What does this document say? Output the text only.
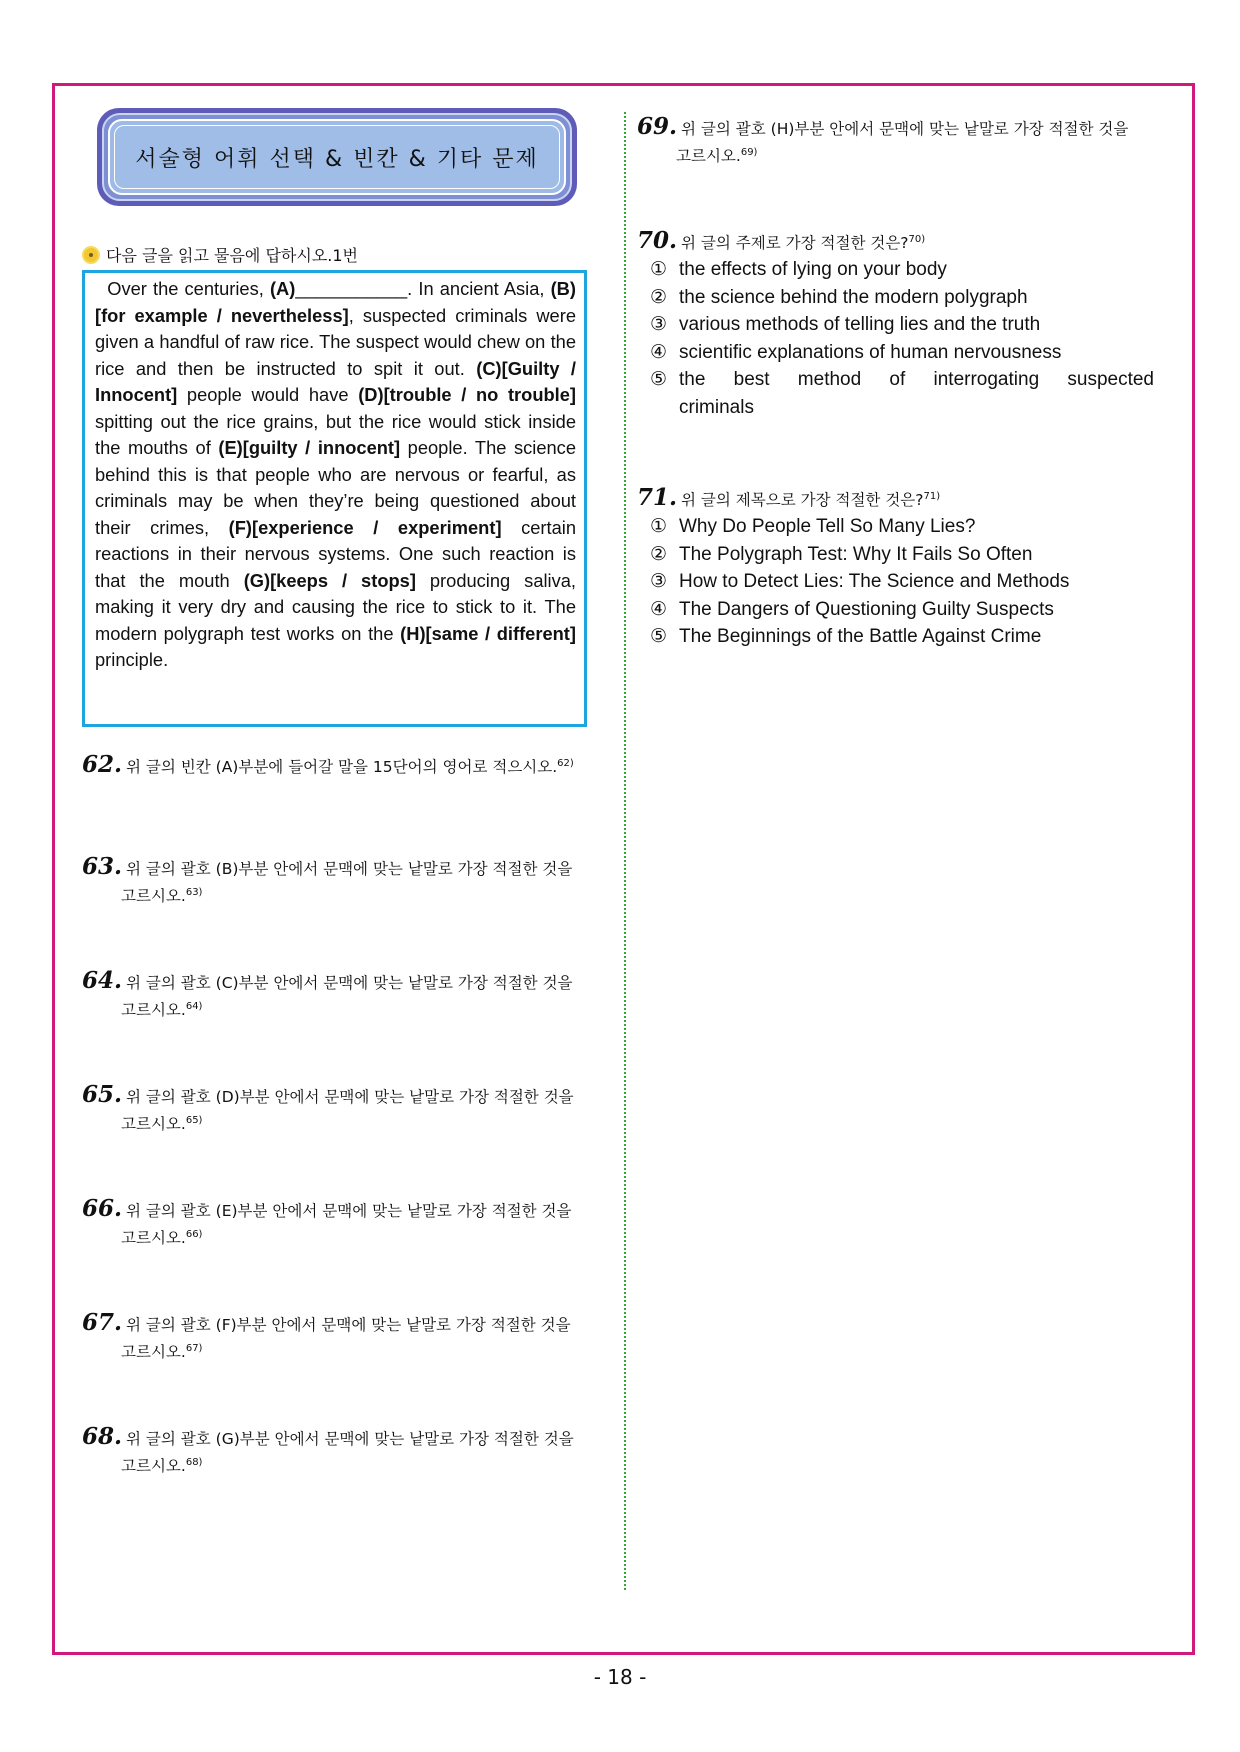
서술형 어휘 선택 & 빈칸 & 기타 문제
다음 글을 읽고 물음에 답하시오.1번
Over the centuries, (A)___________. In ancient Asia, (B)[for example / nevertheless], suspected criminals were given a handful of raw rice. The suspect would chew on the rice and then be instructed to spit it out. (C)[Guilty / Innocent] people would have (D)[trouble / no trouble] spitting out the rice grains, but the rice would stick inside the mouths of (E)[guilty / innocent] people. The science behind this is that people who are nervous or fearful, as criminals may be when they’re being questioned about their crimes, (F)[experience / experiment] certain reactions in their nervous systems. One such reaction is that the mouth (G)[keeps / stops] producing saliva, making it very dry and causing the rice to stick to it. The modern polygraph test works on the (H)[same / different] principle.
62. 위 글의 빈칸 (A)부분에 들어갈 말을 15단어의 영어로 적으시오.$^{62)}$
63. 위 글의 괄호 (B)부분 안에서 문맥에 맞는 낱말로 가장 적절한 것을
고르시오.$^{63)}$
64. 위 글의 괄호 (C)부분 안에서 문맥에 맞는 낱말로 가장 적절한 것을
고르시오.$^{64)}$
65. 위 글의 괄호 (D)부분 안에서 문맥에 맞는 낱말로 가장 적절한 것을
고르시오.$^{65)}$
66. 위 글의 괄호 (E)부분 안에서 문맥에 맞는 낱말로 가장 적절한 것을
고르시오.$^{66)}$
67. 위 글의 괄호 (F)부분 안에서 문맥에 맞는 낱말로 가장 적절한 것을
고르시오.$^{67)}$
68. 위 글의 괄호 (G)부분 안에서 문맥에 맞는 낱말로 가장 적절한 것을
고르시오.$^{68)}$
69. 위 글의 괄호 (H)부분 안에서 문맥에 맞는 낱말로 가장 적절한 것을
고르시오.$^{69)}$
70. 위 글의 주제로 가장 적절한 것은?$^{70)}$
① the effects of lying on your body
② the science behind the modern polygraph
③ various methods of telling lies and the truth
④ scientific explanations of human nervousness
⑤ the best method of interrogating suspected
criminals
71. 위 글의 제목으로 가장 적절한 것은?$^{71)}$
① Why Do People Tell So Many Lies?
② The Polygraph Test: Why It Fails So Often
③ How to Detect Lies: The Science and Methods
④ The Dangers of Questioning Guilty Suspects
⑤ The Beginnings of the Battle Against Crime
- 18 -
